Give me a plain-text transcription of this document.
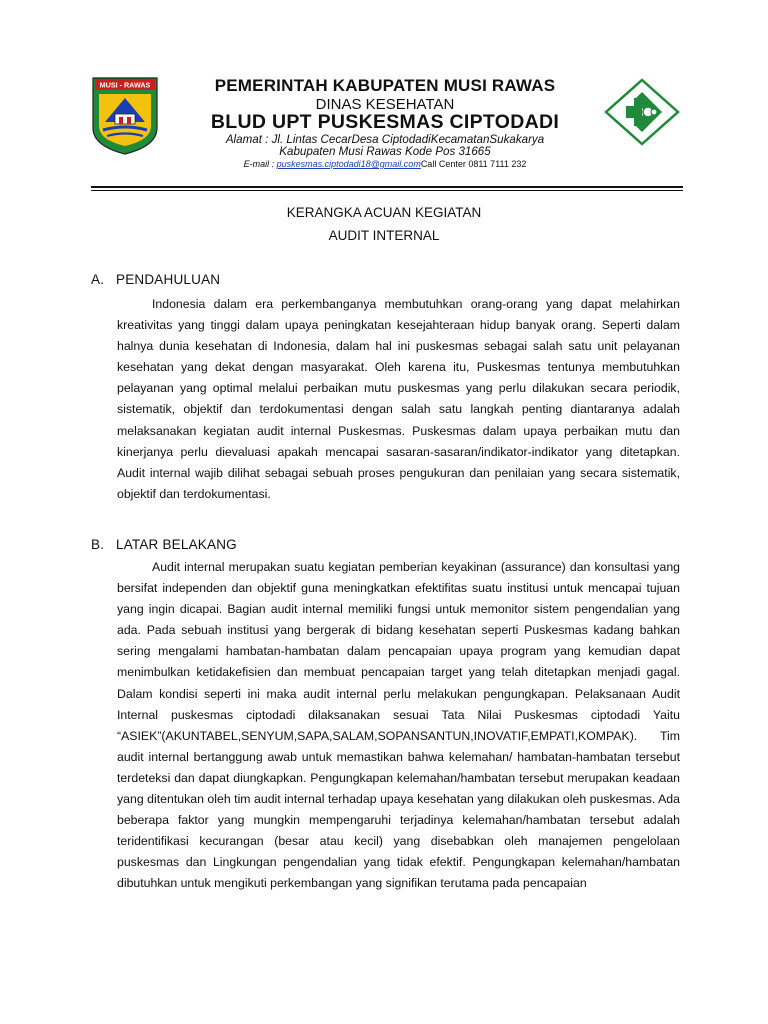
MUSI - RAWAS	PEMERINTAH KABUPATEN MUSI RAWAS
DINAS KESEHATAN
BLUD UPT PUSKESMAS CIPTODADI
Alamat : Jl. Lintas CecarDesa CiptodadiKecamatanSukakarya
Kabupaten Musi Rawas Kode Pos 31665
E-mail : puskesmas.ciptodadi18@gmail.comCall Center 0811 7111 232
KERANGKA ACUAN KEGIATAN
AUDIT INTERNAL
A. PENDAHULUAN

Indonesia dalam era perkembanganya membutuhkan orang-orang yang dapat melahirkan kreativitas yang tinggi dalam upaya peningkatan kesejahteraan hidup banyak orang. Seperti dalam halnya dunia kesehatan di Indonesia, dalam hal ini puskesmas sebagai salah satu unit pelayanan kesehatan yang dekat dengan masyarakat. Oleh karena itu, Puskesmas tentunya membutuhkan pelayanan yang optimal melalui perbaikan mutu puskesmas yang perlu dilakukan secara periodik, sistematik, objektif dan terdokumentasi dengan salah satu langkah penting diantaranya adalah melaksanakan kegiatan audit internal Puskesmas. Puskesmas dalam upaya perbaikan mutu dan kinerjanya perlu dievaluasi apakah mencapai sasaran-sasaran/indikator-indikator yang ditetapkan. Audit internal wajib dilihat sebagai sebuah proses pengukuran dan penilaian yang secara sistematik, objektif dan terdokumentasi.

B. LATAR BELAKANG

Audit internal merupakan suatu kegiatan pemberian keyakinan (assurance) dan konsultasi yang bersifat independen dan objektif guna meningkatkan efektifitas suatu institusi untuk mencapai tujuan yang ingin dicapai. Bagian audit internal memiliki fungsi untuk memonitor sistem pengendalian yang ada. Pada sebuah institusi yang bergerak di bidang kesehatan seperti Puskesmas kadang bahkan sering mengalami hambatan-hambatan dalam pencapaian upaya program yang kemudian dapat menimbulkan ketidakefisien dan membuat pencapaian target yang telah ditetapkan menjadi gagal. Dalam kondisi seperti ini maka audit internal perlu melakukan pengungkapan. Pelaksanaan Audit Internal puskesmas ciptodadi dilaksanakan sesuai Tata Nilai Puskesmas ciptodadi Yaitu “ASIEK”(AKUNTABEL,SENYUM,SAPA,SALAM,SOPANSANTUN,INOVATIF,EMPATI,KOMPAK). Tim audit internal bertanggung awab untuk memastikan bahwa kelemahan/ hambatan-hambatan tersebut terdeteksi dan dapat diungkapkan. Pengungkapan kelemahan/hambatan tersebut merupakan keadaan yang ditentukan oleh tim audit internal terhadap upaya kesehatan yang dilakukan oleh puskesmas. Ada beberapa faktor yang mungkin mempengaruhi terjadinya kelemahan/hambatan tersebut adalah teridentifikasi kecurangan (besar atau kecil) yang disebabkan oleh manajemen pengelolaan puskesmas dan Lingkungan pengendalian yang tidak efektif. Pengungkapan kelemahan/hambatan dibutuhkan untuk mengikuti perkembangan yang signifikan terutama pada pencapaian
